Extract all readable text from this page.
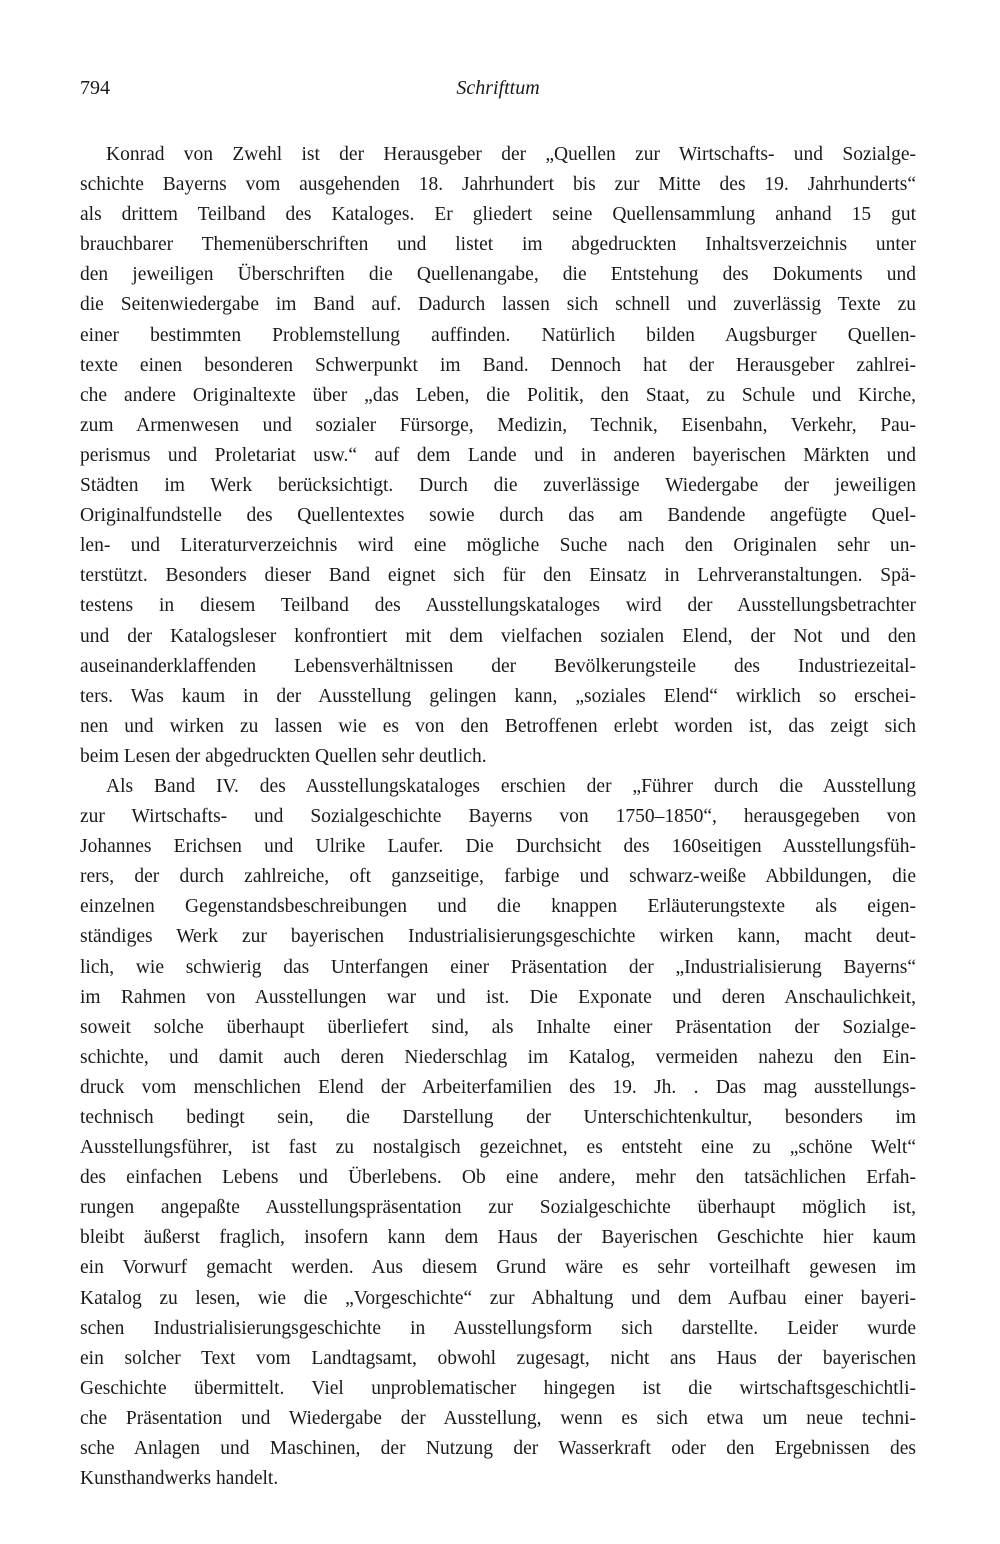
794	Schrifttum

Konrad von Zwehl ist der Herausgeber der „Quellen zur Wirtschafts- und Sozialge-
schichte Bayerns vom ausgehenden 18. Jahrhundert bis zur Mitte des 19. Jahrhunderts“
als drittem Teilband des Kataloges. Er gliedert seine Quellensammlung anhand 15 gut
brauchbarer Themenüberschriften und listet im abgedruckten Inhaltsverzeichnis unter
den jeweiligen Überschriften die Quellenangabe, die Entstehung des Dokuments und
die Seitenwiedergabe im Band auf. Dadurch lassen sich schnell und zuverlässig Texte zu
einer bestimmten Problemstellung auffinden. Natürlich bilden Augsburger Quellen-
texte einen besonderen Schwerpunkt im Band. Dennoch hat der Herausgeber zahlrei-
che andere Originaltexte über „das Leben, die Politik, den Staat, zu Schule und Kirche,
zum Armenwesen und sozialer Fürsorge, Medizin, Technik, Eisenbahn, Verkehr, Pau-
perismus und Proletariat usw.“ auf dem Lande und in anderen bayerischen Märkten und
Städten im Werk berücksichtigt. Durch die zuverlässige Wiedergabe der jeweiligen
Originalfundstelle des Quellentextes sowie durch das am Bandende angefügte Quel-
len- und Literaturverzeichnis wird eine mögliche Suche nach den Originalen sehr un-
terstützt. Besonders dieser Band eignet sich für den Einsatz in Lehrveranstaltungen. Spä-
testens in diesem Teilband des Ausstellungskataloges wird der Ausstellungsbetrachter
und der Katalogsleser konfrontiert mit dem vielfachen sozialen Elend, der Not und den
auseinanderklaffenden Lebensverhältnissen der Bevölkerungsteile des Industriezeital-
ters. Was kaum in der Ausstellung gelingen kann, „soziales Elend“ wirklich so erschei-
nen und wirken zu lassen wie es von den Betroffenen erlebt worden ist, das zeigt sich
beim Lesen der abgedruckten Quellen sehr deutlich.

Als Band IV. des Ausstellungskataloges erschien der „Führer durch die Ausstellung
zur Wirtschafts- und Sozialgeschichte Bayerns von 1750–1850“, herausgegeben von
Johannes Erichsen und Ulrike Laufer. Die Durchsicht des 160seitigen Ausstellungsfüh-
rers, der durch zahlreiche, oft ganzseitige, farbige und schwarz-weiße Abbildungen, die
einzelnen Gegenstandsbeschreibungen und die knappen Erläuterungstexte als eigen-
ständiges Werk zur bayerischen Industrialisierungsgeschichte wirken kann, macht deut-
lich, wie schwierig das Unterfangen einer Präsentation der „Industrialisierung Bayerns“
im Rahmen von Ausstellungen war und ist. Die Exponate und deren Anschaulichkeit,
soweit solche überhaupt überliefert sind, als Inhalte einer Präsentation der Sozialge-
schichte, und damit auch deren Niederschlag im Katalog, vermeiden nahezu den Ein-
druck vom menschlichen Elend der Arbeiterfamilien des 19. Jh. . Das mag ausstellungs-
technisch bedingt sein, die Darstellung der Unterschichtenkultur, besonders im
Ausstellungsführer, ist fast zu nostalgisch gezeichnet, es entsteht eine zu „schöne Welt“
des einfachen Lebens und Überlebens. Ob eine andere, mehr den tatsächlichen Erfah-
rungen angepaßte Ausstellungspräsentation zur Sozialgeschichte überhaupt möglich ist,
bleibt äußerst fraglich, insofern kann dem Haus der Bayerischen Geschichte hier kaum
ein Vorwurf gemacht werden. Aus diesem Grund wäre es sehr vorteilhaft gewesen im
Katalog zu lesen, wie die „Vorgeschichte“ zur Abhaltung und dem Aufbau einer bayeri-
schen Industrialisierungsgeschichte in Ausstellungsform sich darstellte. Leider wurde
ein solcher Text vom Landtagsamt, obwohl zugesagt, nicht ans Haus der bayerischen
Geschichte übermittelt. Viel unproblematischer hingegen ist die wirtschaftsgeschichtli-
che Präsentation und Wiedergabe der Ausstellung, wenn es sich etwa um neue techni-
sche Anlagen und Maschinen, der Nutzung der Wasserkraft oder den Ergebnissen des
Kunsthandwerks handelt.
